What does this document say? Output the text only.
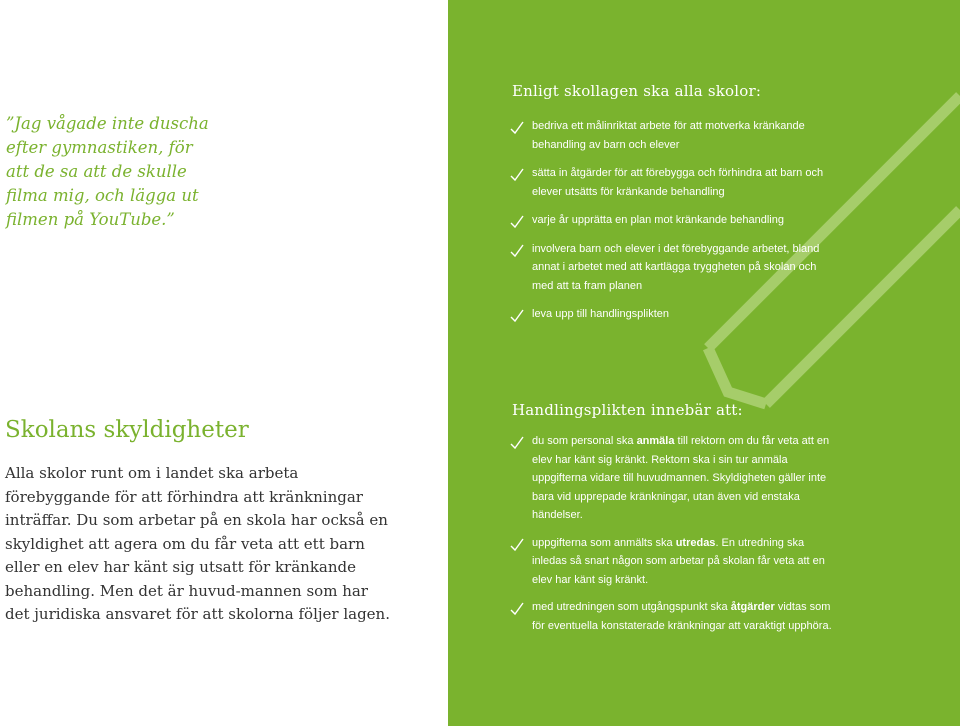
”Jag vågade inte duscha
efter gymnastiken, för
att de sa att de skulle
filma mig, och lägga ut
filmen på YouTube.”

Skolans skyldigheter

Alla skolor runt om i landet ska arbeta förebyggande för att förhindra att kränkningar inträffar. Du som arbetar på en skola har också en skyldighet att agera om du får veta att ett barn eller en elev har känt sig utsatt för kränkande behandling. Men det är huvud-mannen som har det juridiska ansvaret för att skolorna följer lagen.

Enligt skollagen ska alla skolor:
bedriva ett målinriktat arbete för att motverka kränkande behandling av barn och elever
sätta in åtgärder för att förebygga och förhindra att barn och elever utsätts för kränkande behandling
varje år upprätta en plan mot kränkande behandling
involvera barn och elever i det förebyggande arbetet, bland annat i arbetet med att kartlägga tryggheten på skolan och med att ta fram planen
leva upp till handlingsplikten
Handlingsplikten innebär att:
du som personal ska anmäla till rektorn om du får veta att en elev har känt sig kränkt. Rektorn ska i sin tur anmäla uppgifterna vidare till huvudmannen. Skyldigheten gäller inte bara vid upprepade kränkningar, utan även vid enstaka händelser.
uppgifterna som anmälts ska utredas. En utredning ska inledas så snart någon som arbetar på skolan får veta att en elev har känt sig kränkt.
med utredningen som utgångspunkt ska åtgärder vidtas som för eventuella konstaterade kränkningar att varaktigt upphöra.
